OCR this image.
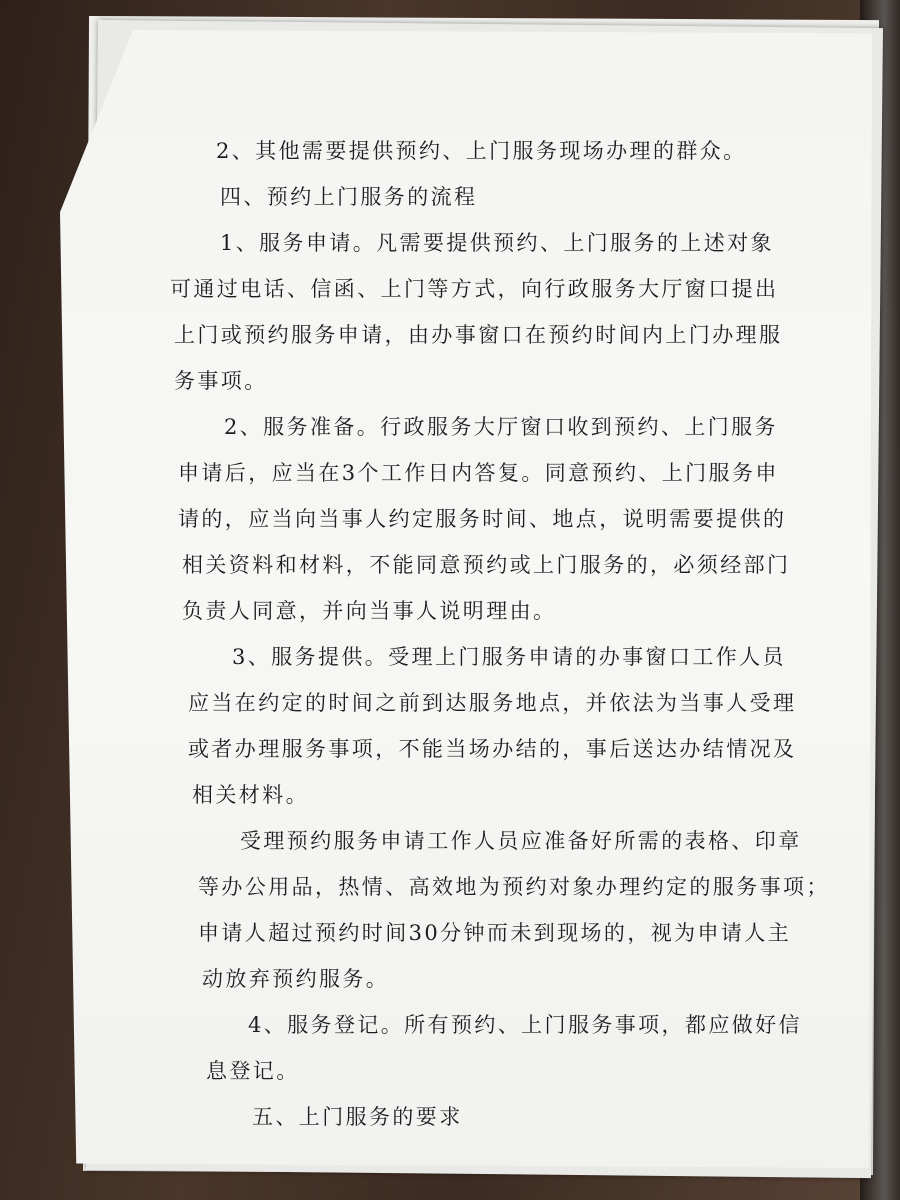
2、其他需要提供预约、上门服务现场办理的群众。
四、预约上门服务的流程
1、服务申请。凡需要提供预约、上门服务的上述对象
可通过电话、信函、上门等方式，向行政服务大厅窗口提出
上门或预约服务申请，由办事窗口在预约时间内上门办理服
务事项。
2、服务准备。行政服务大厅窗口收到预约、上门服务
申请后，应当在3个工作日内答复。同意预约、上门服务申
请的，应当向当事人约定服务时间、地点，说明需要提供的
相关资料和材料，不能同意预约或上门服务的，必须经部门
负责人同意，并向当事人说明理由。
3、服务提供。受理上门服务申请的办事窗口工作人员
应当在约定的时间之前到达服务地点，并依法为当事人受理
或者办理服务事项，不能当场办结的，事后送达办结情况及
相关材料。
受理预约服务申请工作人员应准备好所需的表格、印章
等办公用品，热情、高效地为预约对象办理约定的服务事项；
申请人超过预约时间30分钟而未到现场的，视为申请人主
动放弃预约服务。
4、服务登记。所有预约、上门服务事项，都应做好信
息登记。
五、上门服务的要求
